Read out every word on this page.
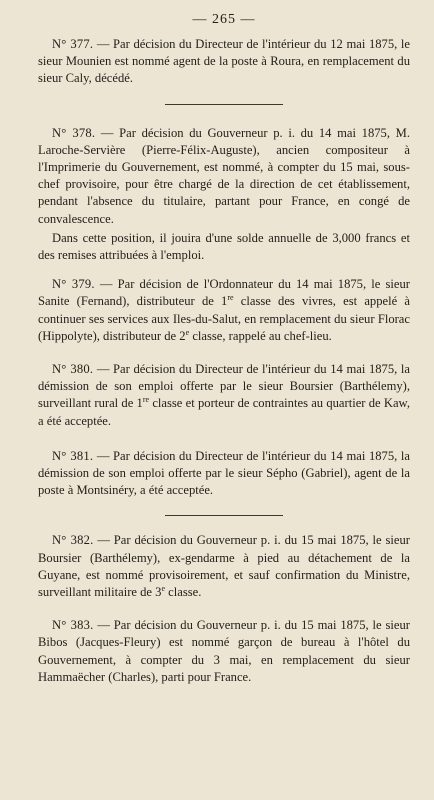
— 265 —

N° 377. — Par décision du Directeur de l'intérieur du 12 mai 1875, le sieur Mounien est nommé agent de la poste à Roura, en remplacement du sieur Caly, décédé.

N° 378. — Par décision du Gouverneur p. i. du 14 mai 1875, M. Laroche-Servière (Pierre-Félix-Auguste), ancien compositeur à l'Imprimerie du Gouvernement, est nommé, à compter du 15 mai, sous-chef provisoire, pour être chargé de la direction de cet établissement, pendant l'absence du titulaire, partant pour France, en congé de convalescence.

Dans cette position, il jouira d'une solde annuelle de 3,000 francs et des remises attribuées à l'emploi.

N° 379. — Par décision de l'Ordonnateur du 14 mai 1875, le sieur Sanite (Fernand), distributeur de 1re classe des vivres, est appelé à continuer ses services aux Iles-du-Salut, en remplacement du sieur Florac (Hippolyte), distributeur de 2e classe, rappelé au chef-lieu.

N° 380. — Par décision du Directeur de l'intérieur du 14 mai 1875, la démission de son emploi offerte par le sieur Boursier (Barthélemy), surveillant rural de 1re classe et porteur de contraintes au quartier de Kaw, a été acceptée.

N° 381. — Par décision du Directeur de l'intérieur du 14 mai 1875, la démission de son emploi offerte par le sieur Sépho (Gabriel), agent de la poste à Montsinéry, a été acceptée.

N° 382. — Par décision du Gouverneur p. i. du 15 mai 1875, le sieur Boursier (Barthélemy), ex-gendarme à pied au détachement de la Guyane, est nommé provisoirement, et sauf confirmation du Ministre, surveillant militaire de 3e classe.

N° 383. — Par décision du Gouverneur p. i. du 15 mai 1875, le sieur Bibos (Jacques-Fleury) est nommé garçon de bureau à l'hôtel du Gouvernement, à compter du 3 mai, en remplacement du sieur Hammaëcher (Charles), parti pour France.
